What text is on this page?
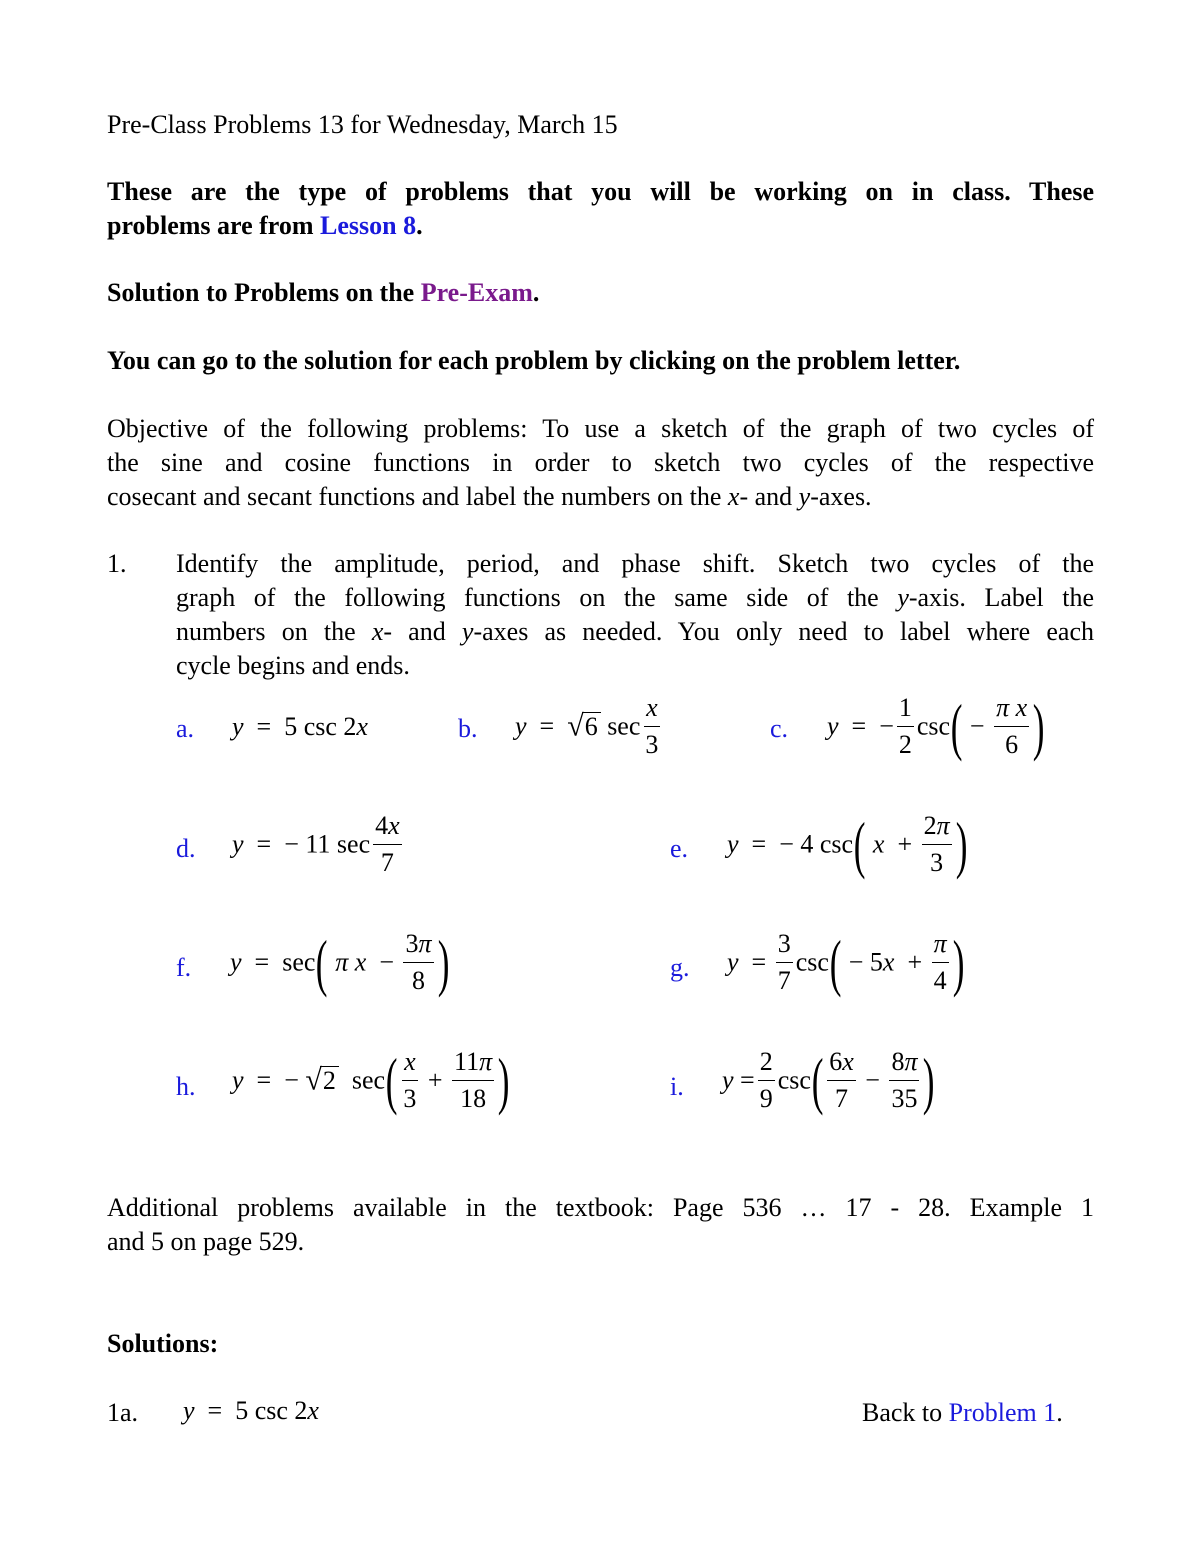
Pre-Class Problems 13 for Wednesday, March 15
These are the type of problems that you will be working on in class. These
problems are from Lesson 8.
Solution to Problems on the Pre-Exam.
You can go to the solution for each problem by clicking on the problem letter.
Objective of the following problems: To use a sketch of the graph of two cycles of
the sine and cosine functions in order to sketch two cycles of the respective
cosecant and secant functions and label the numbers on the x- and y-axes.
1. Identify the amplitude, period, and phase shift. Sketch two cycles of the
graph of the following functions on the same side of the y-axis. Label the
numbers on the x- and y-axes as needed. You only need to label where each
cycle begins and ends.
a. y  =  5 csc 2x	b. y  =  √6 $\sec \frac{x}{3}$	c. y  =  − $\frac{1}{2} \csc( - \frac{\text{π x}}{6}$ )
d. y  =  − 11 $\sec \frac{4x}{7}$	e. y  =  − 4 csc( $x + \frac{2\pi}{3}$ )
f. y  =  sec( π $x - \frac{3\pi}{8}$ )	g. $y = \frac{3}{7} \csc( - 5x + \frac{\pi}{4}$ )
h. y  =  − √2  $\sec( \frac{x}{3} + \frac{11\pi}{18}$ )	i. $y = \frac{2}{9} \csc( \frac{6x}{7} - \frac{8\pi}{35}$ )
Additional problems available in the textbook: Page 536 … 17 - 28. Example 1
and 5 on page 529.
Solutions:
1a. y  =  5 csc 2x	Back to Problem 1.
